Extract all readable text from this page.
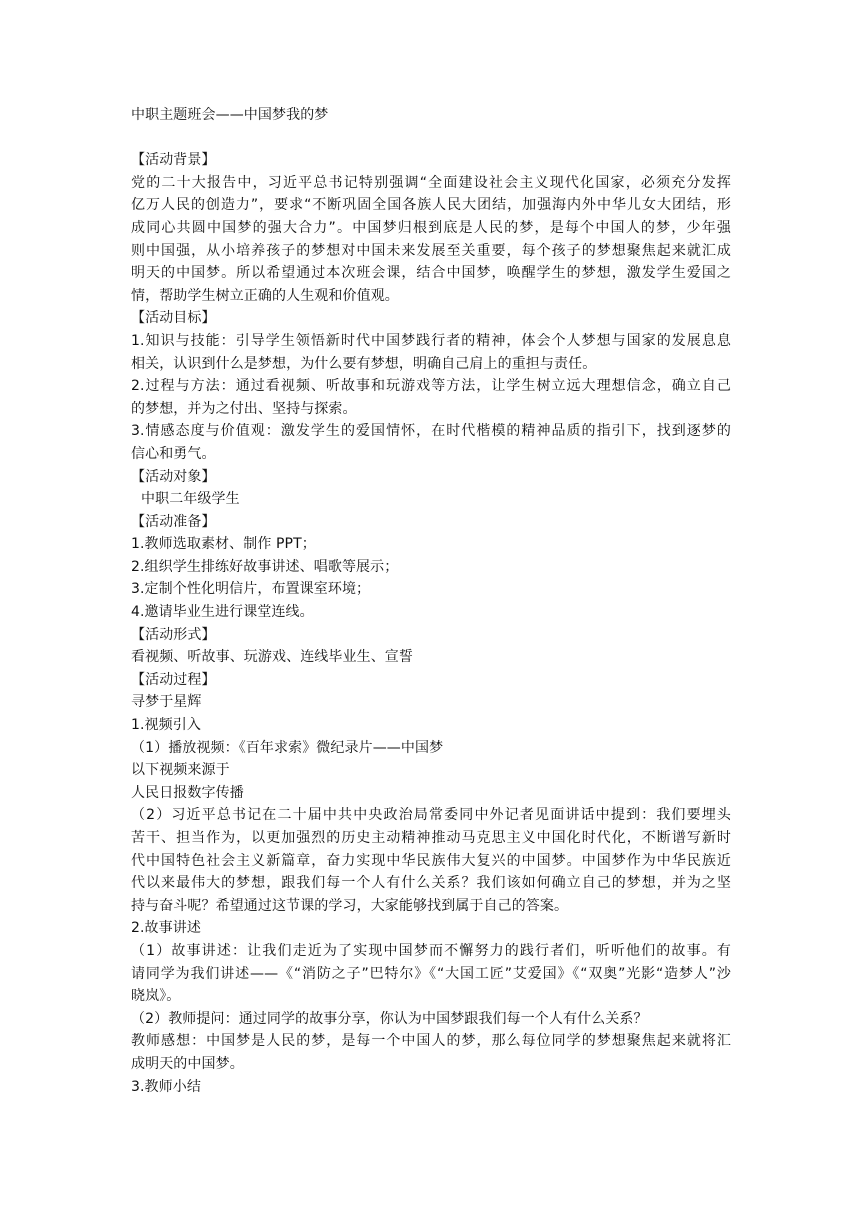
中职主题班会——中国梦我的梦
【活动背景】
党的二十大报告中，习近平总书记特别强调“全面建设社会主义现代化国家，必须充分发挥
亿万人民的创造力”，要求“不断巩固全国各族人民大团结，加强海内外中华儿女大团结，形
成同心共圆中国梦的强大合力”。中国梦归根到底是人民的梦，是每个中国人的梦，少年强
则中国强，从小培养孩子的梦想对中国未来发展至关重要，每个孩子的梦想聚焦起来就汇成
明天的中国梦。所以希望通过本次班会课，结合中国梦，唤醒学生的梦想，激发学生爱国之
情，帮助学生树立正确的人生观和价值观。
【活动目标】
1.知识与技能：引导学生领悟新时代中国梦践行者的精神，体会个人梦想与国家的发展息息
相关，认识到什么是梦想，为什么要有梦想，明确自己肩上的重担与责任。
2.过程与方法：通过看视频、听故事和玩游戏等方法，让学生树立远大理想信念，确立自己
的梦想，并为之付出、坚持与探索。
3.情感态度与价值观：激发学生的爱国情怀，在时代楷模的精神品质的指引下，找到逐梦的
信心和勇气。
【活动对象】
中职二年级学生
【活动准备】
1.教师选取素材、制作 PPT；
2.组织学生排练好故事讲述、唱歌等展示；
3.定制个性化明信片，布置课室环境；
4.邀请毕业生进行课堂连线。
【活动形式】
看视频、听故事、玩游戏、连线毕业生、宣誓
【活动过程】
寻梦于星辉
1.视频引入
（1）播放视频：《百年求索》微纪录片——中国梦
以下视频来源于
人民日报数字传播
（2）习近平总书记在二十届中共中央政治局常委同中外记者见面讲话中提到：我们要埋头
苦干、担当作为，以更加强烈的历史主动精神推动马克思主义中国化时代化，不断谱写新时
代中国特色社会主义新篇章，奋力实现中华民族伟大复兴的中国梦。中国梦作为中华民族近
代以来最伟大的梦想，跟我们每一个人有什么关系？我们该如何确立自己的梦想，并为之坚
持与奋斗呢？希望通过这节课的学习，大家能够找到属于自己的答案。
2.故事讲述
（1）故事讲述：让我们走近为了实现中国梦而不懈努力的践行者们，听听他们的故事。有
请同学为我们讲述——《“消防之子”巴特尔》《“大国工匠”艾爱国》《“双奥”光影“造梦人”沙
晓岚》。
（2）教师提问：通过同学的故事分享，你认为中国梦跟我们每一个人有什么关系？
教师感想：中国梦是人民的梦，是每一个中国人的梦，那么每位同学的梦想聚焦起来就将汇
成明天的中国梦。
3.教师小结
